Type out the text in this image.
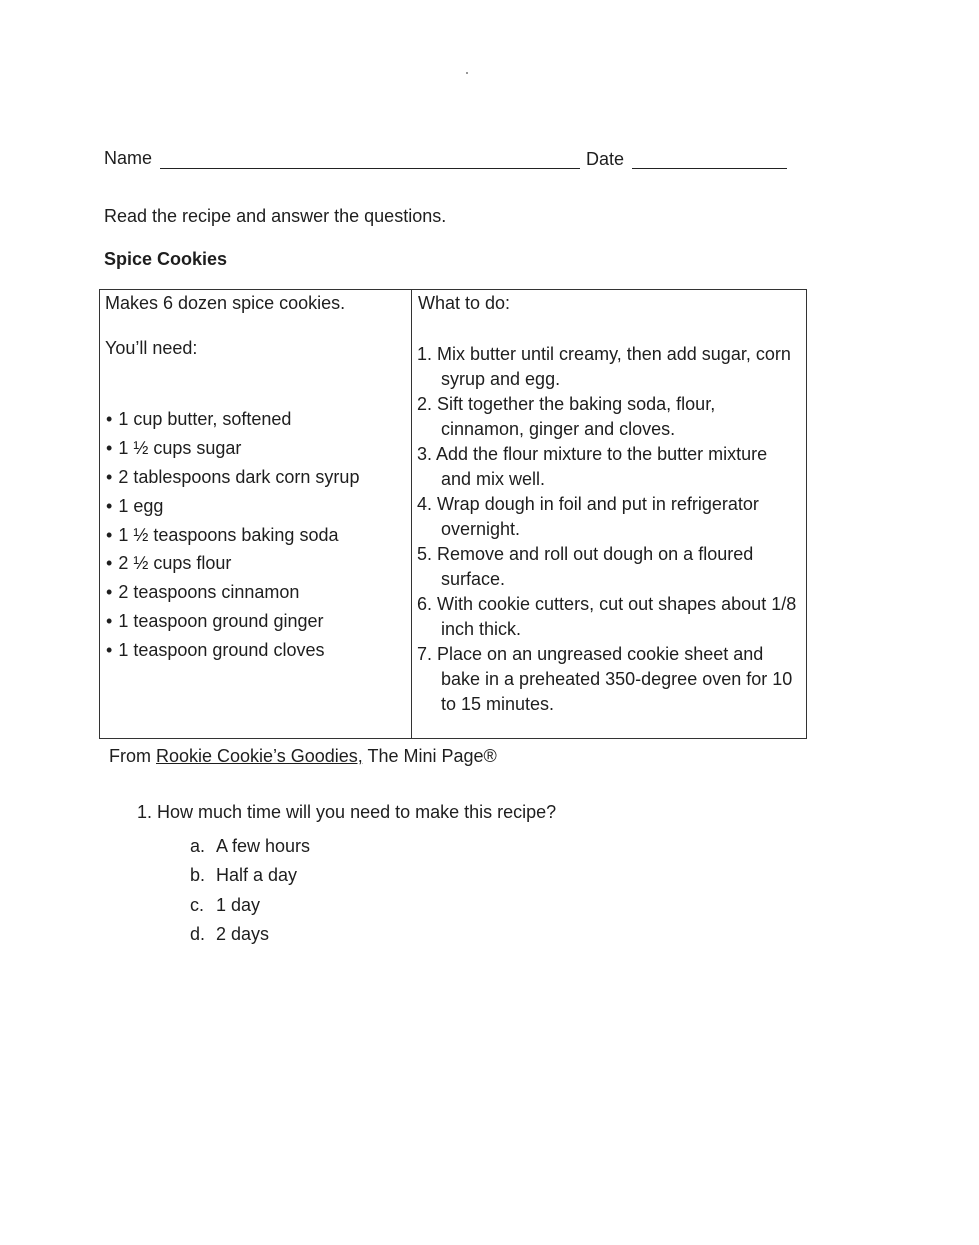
Name	Date
Read the recipe and answer the questions.
Spice Cookies
Makes 6 dozen spice cookies.
You’ll need:
• 1 cup butter, softened
• 1 ½ cups sugar
• 2 tablespoons dark corn syrup
• 1 egg
• 1 ½ teaspoons baking soda
• 2 ½ cups flour
• 2 teaspoons cinnamon
• 1 teaspoon ground ginger
• 1 teaspoon ground cloves
What to do:
1. Mix butter until creamy, then add sugar, corn syrup and egg.
2. Sift together the baking soda, flour, cinnamon, ginger and cloves.
3. Add the flour mixture to the butter mixture and mix well.
4. Wrap dough in foil and put in refrigerator overnight.
5. Remove and roll out dough on a floured surface.
6. With cookie cutters, cut out shapes about 1/8 inch thick.
7. Place on an ungreased cookie sheet and bake in a preheated 350-degree oven for 10 to 15 minutes.
From Rookie Cookie’s Goodies, The Mini Page®
1. How much time will you need to make this recipe?
a. A few hours
b. Half a day
c. 1 day
d. 2 days
